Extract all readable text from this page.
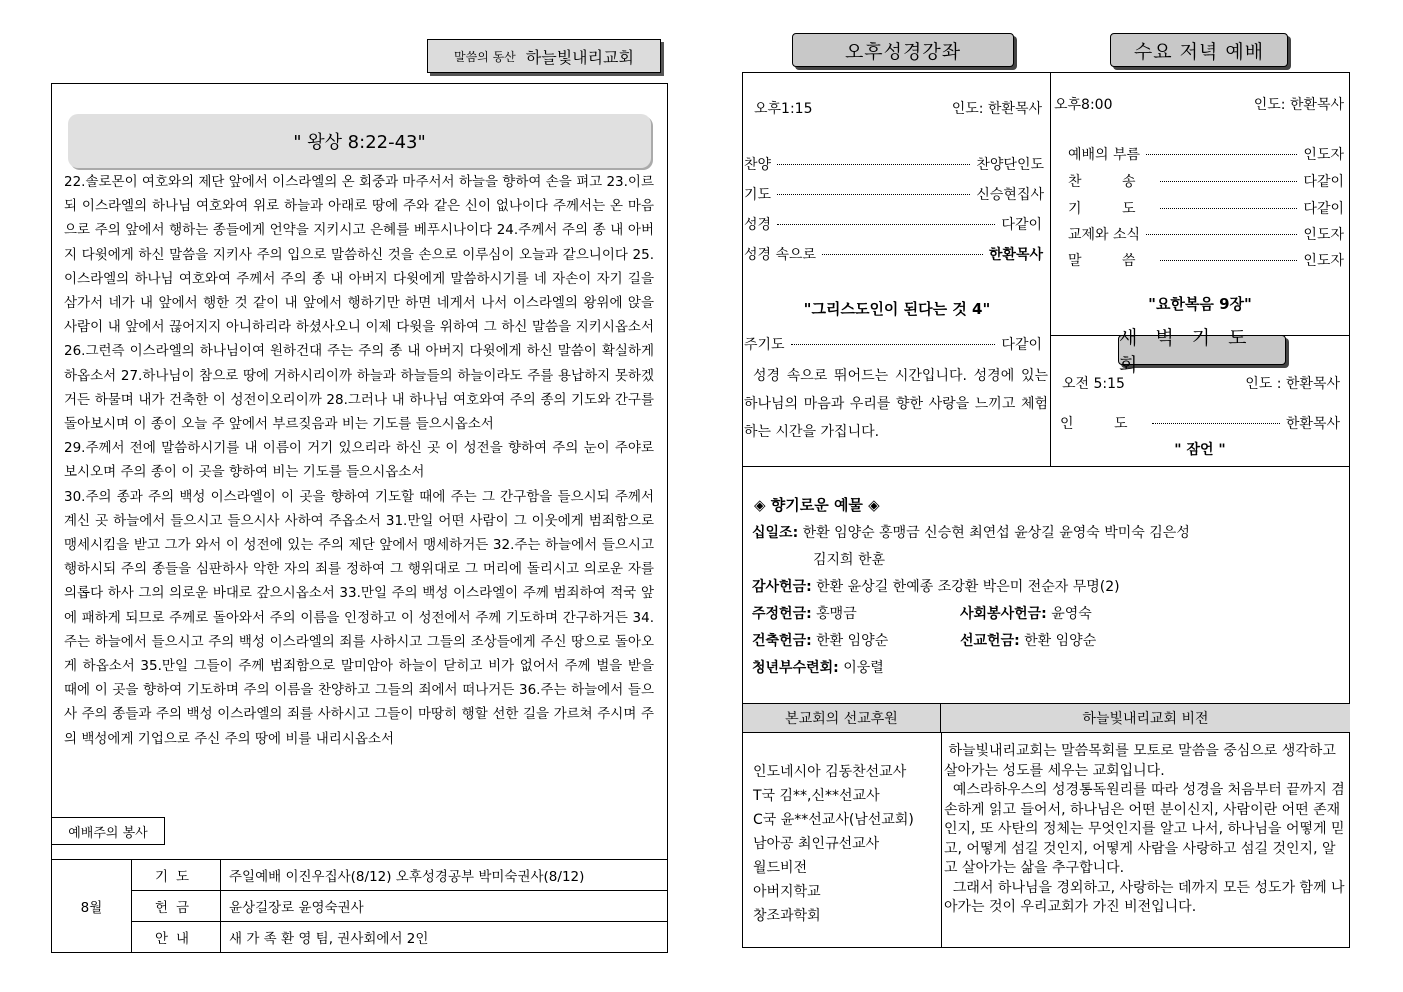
말씀의 동산 하늘빛내리교회
" 왕상 8:22-43"

22.솔로몬이 여호와의 제단 앞에서 이스라엘의 온 회중과 마주서서 하늘을 향하여 손을 펴고 23.이르되 이스라엘의 하나님 여호와여 위로 하늘과 아래로 땅에 주와 같은 신이 없나이다 주께서는 온 마음으로 주의 앞에서 행하는 종들에게 언약을 지키시고 은혜를 베푸시나이다 24.주께서 주의 종 내 아버지 다윗에게 하신 말씀을 지키사 주의 입으로 말씀하신 것을 손으로 이루심이 오늘과 같으니이다 25.이스라엘의 하나님 여호와여 주께서 주의 종 내 아버지 다윗에게 말씀하시기를 네 자손이 자기 길을 삼가서 네가 내 앞에서 행한 것 같이 내 앞에서 행하기만 하면 네게서 나서 이스라엘의 왕위에 앉을 사람이 내 앞에서 끊어지지 아니하리라 하셨사오니 이제 다윗을 위하여 그 하신 말씀을 지키시옵소서 26.그런즉 이스라엘의 하나님이여 원하건대 주는 주의 종 내 아버지 다윗에게 하신 말씀이 확실하게 하옵소서 27.하나님이 참으로 땅에 거하시리이까 하늘과 하늘들의 하늘이라도 주를 용납하지 못하겠거든 하물며 내가 건축한 이 성전이오리이까 28.그러나 내 하나님 여호와여 주의 종의 기도와 간구를 돌아보시며 이 종이 오늘 주 앞에서 부르짖음과 비는 기도를 들으시옵소서

29.주께서 전에 말씀하시기를 내 이름이 거기 있으리라 하신 곳 이 성전을 향하여 주의 눈이 주야로 보시오며 주의 종이 이 곳을 향하여 비는 기도를 들으시옵소서

30.주의 종과 주의 백성 이스라엘이 이 곳을 향하여 기도할 때에 주는 그 간구함을 들으시되 주께서 계신 곳 하늘에서 들으시고 들으시사 사하여 주옵소서 31.만일 어떤 사람이 그 이웃에게 범죄함으로 맹세시킴을 받고 그가 와서 이 성전에 있는 주의 제단 앞에서 맹세하거든 32.주는 하늘에서 들으시고 행하시되 주의 종들을 심판하사 악한 자의 죄를 정하여 그 행위대로 그 머리에 돌리시고 의로운 자를 의롭다 하사 그의 의로운 바대로 갚으시옵소서 33.만일 주의 백성 이스라엘이 주께 범죄하여 적국 앞에 패하게 되므로 주께로 돌아와서 주의 이름을 인정하고 이 성전에서 주께 기도하며 간구하거든 34.주는 하늘에서 들으시고 주의 백성 이스라엘의 죄를 사하시고 그들의 조상들에게 주신 땅으로 돌아오게 하옵소서 35.만일 그들이 주께 범죄함으로 말미암아 하늘이 닫히고 비가 없어서 주께 벌을 받을 때에 이 곳을 향하여 기도하며 주의 이름을 찬양하고 그들의 죄에서 떠나거든 36.주는 하늘에서 들으사 주의 종들과 주의 백성 이스라엘의 죄를 사하시고 그들이 마땅히 행할 선한 길을 가르쳐 주시며 주의 백성에게 기업으로 주신 주의 땅에 비를 내리시옵소서

예배주의 봉사
8월	기도	주일예배 이진우집사(8/12) 오후성경공부 박미숙권사(8/12)
	헌금	윤상길장로 윤영숙권사
	안내	새 가 족 환 영 팀, 권사회에서 2인
오후성경강좌	수요 저녁 예배
오후1:15	인도: 한환목사
찬양	찬양단인도
기도	신승현집사
성경	다같이
성경 속으로	한환목사
"그리스도인이 된다는 것 4"
주기도	다같이
성경 속으로 뛰어드는 시간입니다. 성경에 있는 하나님의 마음과 우리를 향한 사랑을 느끼고 체험하는 시간을 가집니다.
오후8:00	인도: 한환목사
예배의 부름	인도자
찬 송	다같이
기 도	다같이
교제와 소식	인도자
말 씀	인도자
"요한복음 9장"
새 벽 기 도 회
오전 5:15	인도 : 한환목사
인 도	한환목사
" 잠언 "
◈ 향기로운 예물 ◈
십일조: 한환 임양순 홍맹금 신승현 최연섭 윤상길 윤영숙 박미숙 김은성
김지희 한훈
감사헌금: 한환 윤상길 한예종 조강환 박은미 전순자 무명(2)
주정헌금: 홍맹금	사회봉사헌금: 윤영숙
건축헌금: 한환 임양순	선교헌금: 한환 임양순
청년부수련회: 이웅렬
본교회의 선교후원	하늘빛내리교회 비전
인도네시아 김동찬선교사
T국 김**,신**선교사
C국 윤**선교사(남선교회)
남아공 최인규선교사
월드비전
아버지학교
창조과학회

하늘빛내리교회는 말씀목회를 모토로 말씀을 중심으로 생각하고 살아가는 성도를 세우는 교회입니다.

예스라하우스의 성경통독원리를 따라 성경을 처음부터 끝까지 겸손하게 읽고 들어서, 하나님은 어떤 분이신지, 사람이란 어떤 존재인지, 또 사탄의 정체는 무엇인지를 알고 나서, 하나님을 어떻게 믿고, 어떻게 섬길 것인지, 어떻게 사람을 사랑하고 섬길 것인지, 알고 살아가는 삶을 추구합니다.

그래서 하나님을 경외하고, 사랑하는 데까지 모든 성도가 함께 나아가는 것이 우리교회가 가진 비전입니다.
